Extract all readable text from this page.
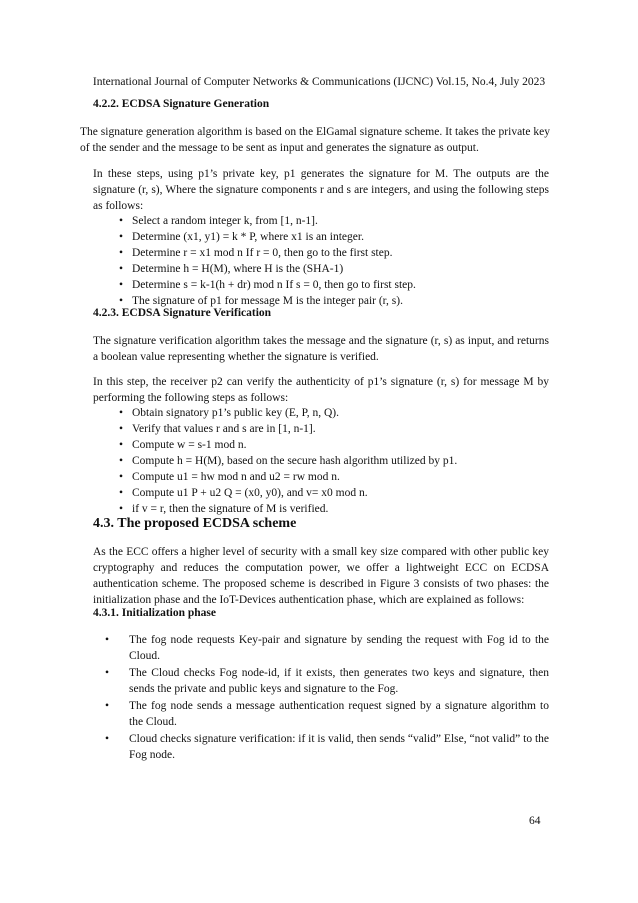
International Journal of Computer Networks & Communications (IJCNC) Vol.15, No.4, July 2023
4.2.2. ECDSA Signature Generation
The signature generation algorithm is based on the ElGamal signature scheme. It takes the private key of the sender and the message to be sent as input and generates the signature as output.
In these steps, using p1’s private key, p1 generates the signature for M. The outputs are the signature (r, s), Where the signature components r and s are integers, and using the following steps as follows:
• Select a random integer k, from [1, n-1].
• Determine (x1, y1) = k * P, where x1 is an integer.
• Determine r = x1 mod n If r = 0, then go to the first step.
• Determine h = H(M), where H is the (SHA-1)
• Determine s = k-1(h + dr) mod n If s = 0, then go to first step.
• The signature of p1 for message M is the integer pair (r, s).
4.2.3. ECDSA Signature Verification
The signature verification algorithm takes the message and the signature (r, s) as input, and returns a boolean value representing whether the signature is verified.
In this step, the receiver p2 can verify the authenticity of p1’s signature (r, s) for message M by performing the following steps as follows:
• Obtain signatory p1’s public key (E, P, n, Q).
• Verify that values r and s are in [1, n-1].
• Compute w = s-1 mod n.
• Compute h = H(M), based on the secure hash algorithm utilized by p1.
• Compute u1 = hw mod n and u2 = rw mod n.
• Compute u1 P + u2 Q = (x0, y0), and v= x0 mod n.
• if v = r, then the signature of M is verified.
4.3. The proposed ECDSA scheme
As the ECC offers a higher level of security with a small key size compared with other public key cryptography and reduces the computation power, we offer a lightweight ECC on ECDSA authentication scheme. The proposed scheme is described in Figure 3 consists of two phases: the initialization phase and the IoT-Devices authentication phase, which are explained as follows:
4.3.1. Initialization phase
• The fog node requests Key-pair and signature by sending the request with Fog id to the Cloud.
• The Cloud checks Fog node-id, if it exists, then generates two keys and signature, then sends the private and public keys and signature to the Fog.
• The fog node sends a message authentication request signed by a signature algorithm to the Cloud.
• Cloud checks signature verification: if it is valid, then sends “valid” Else, “not valid” to the Fog node.
64
